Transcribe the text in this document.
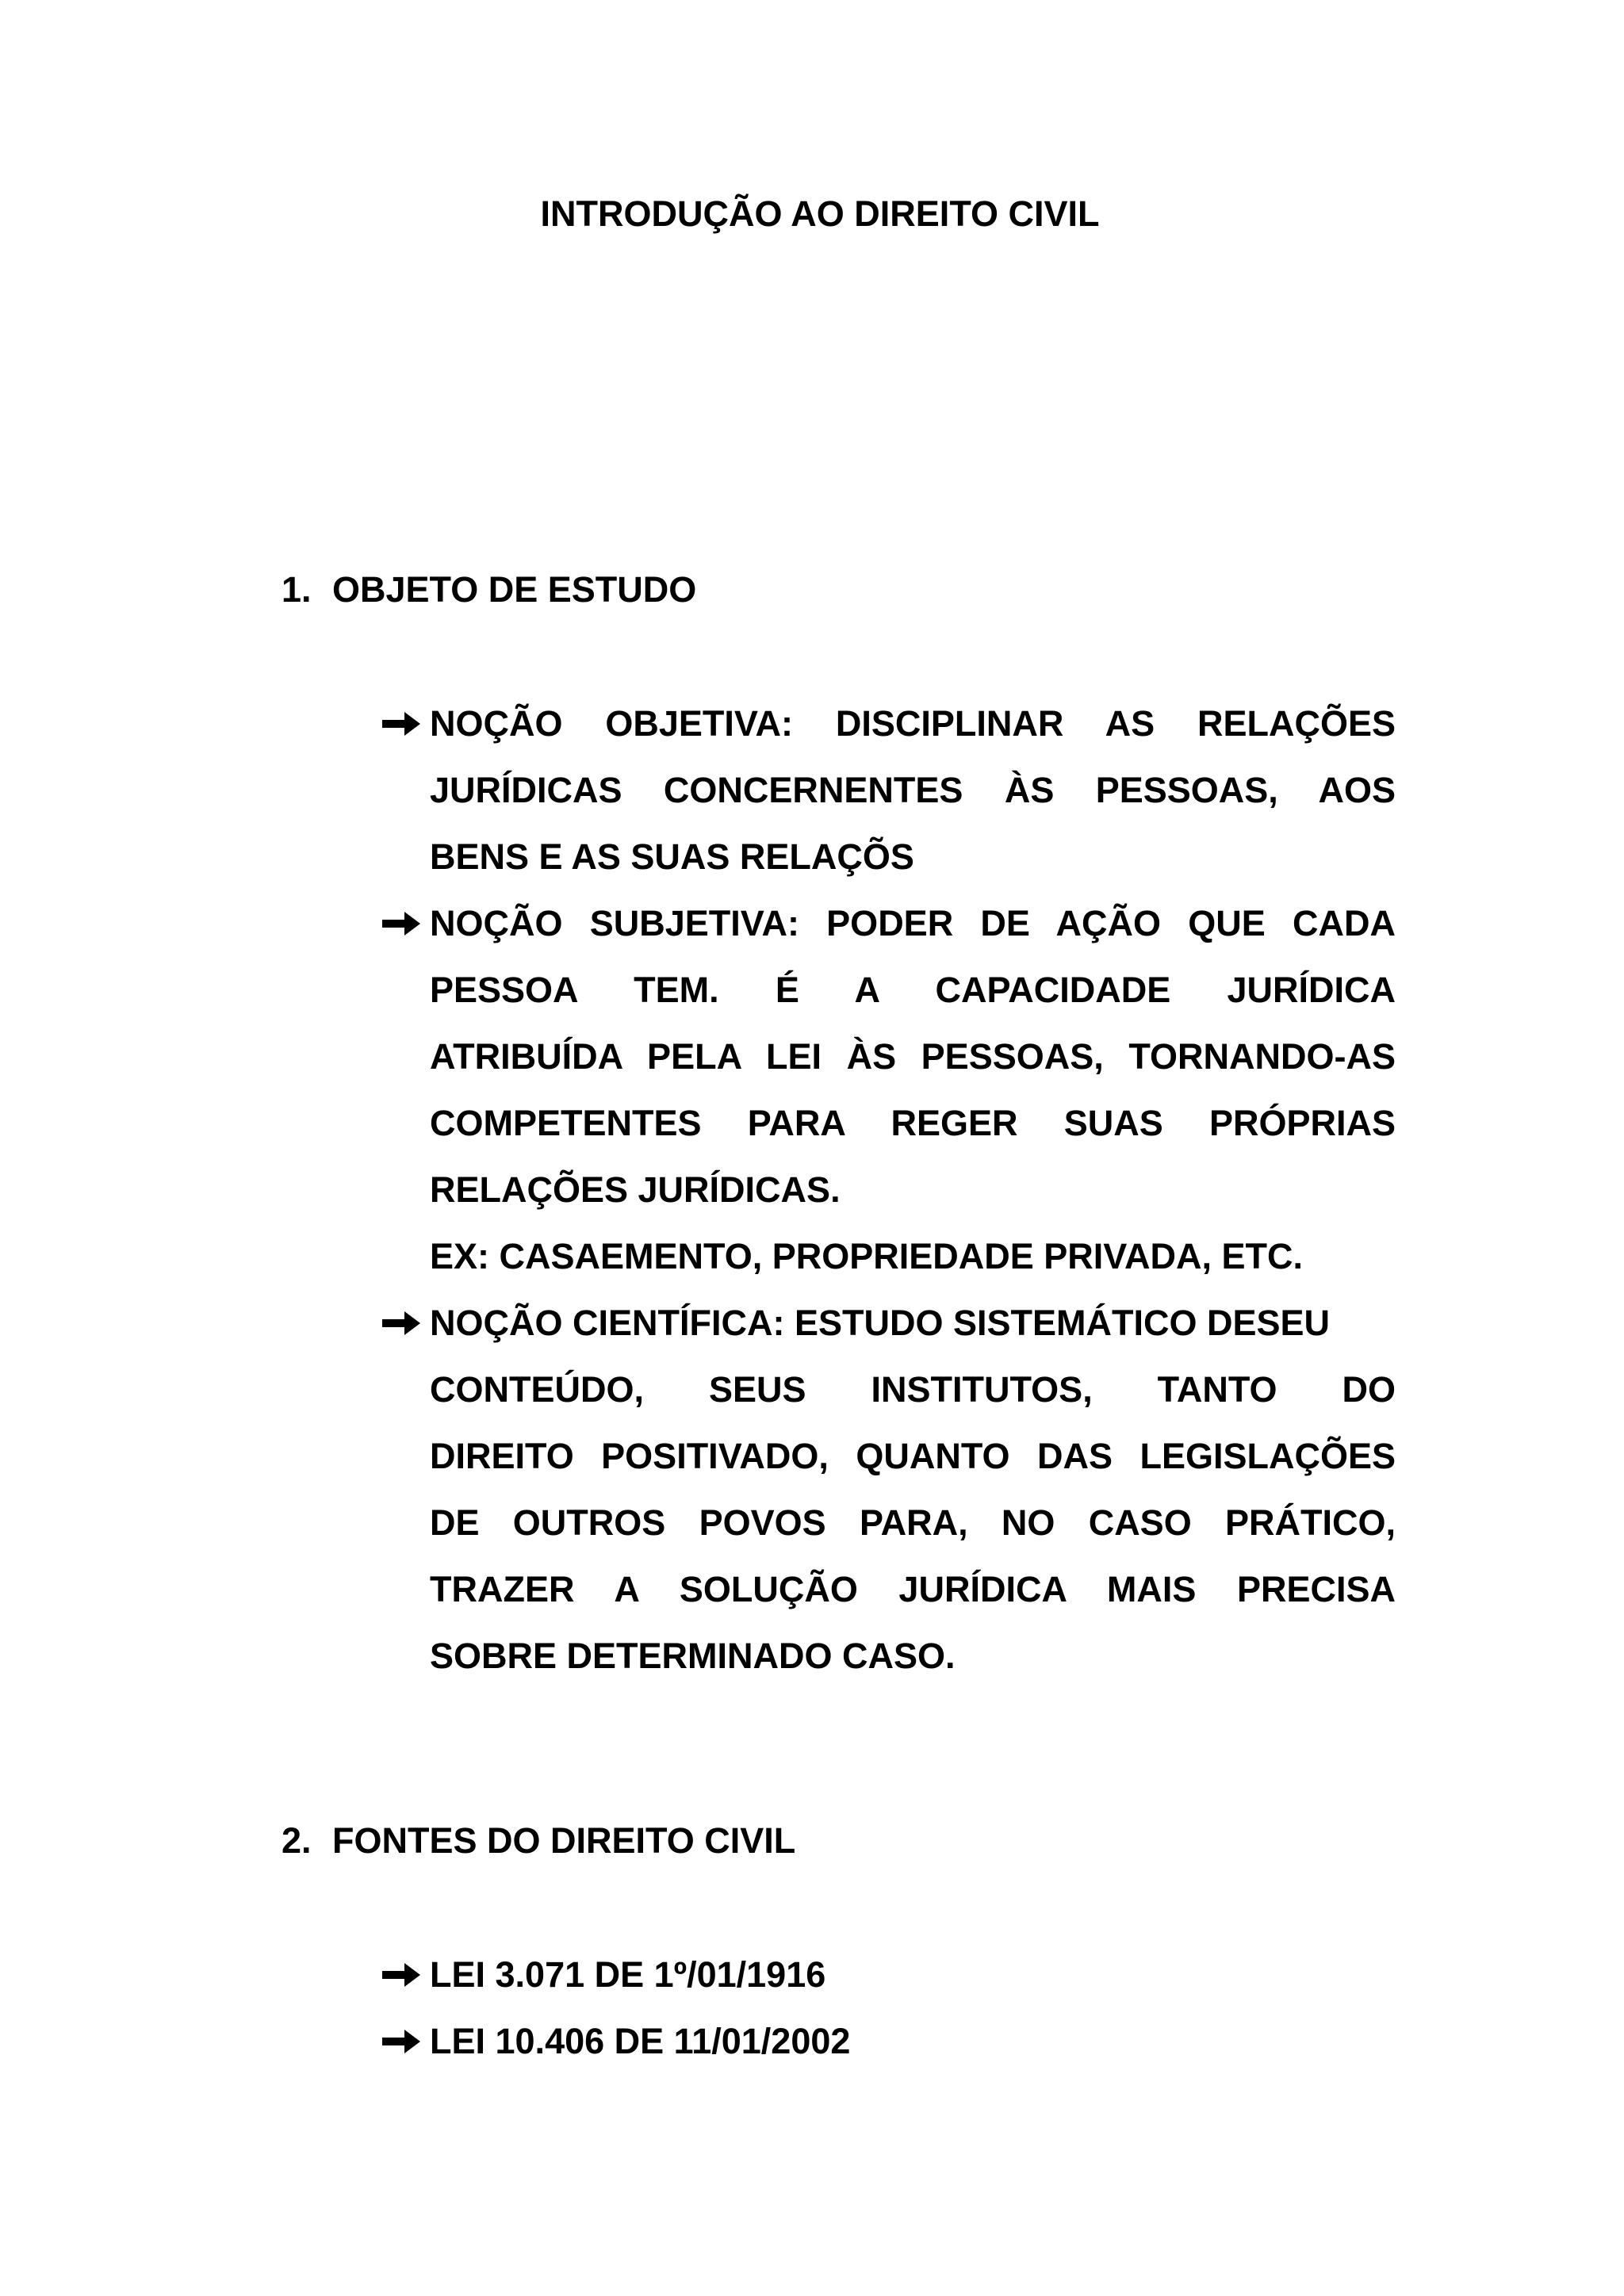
INTRODUÇÃO AO DIREITO CIVIL
1. OBJETO DE ESTUDO
NOÇÃO OBJETIVA: DISCIPLINAR AS RELAÇÕES
JURÍDICAS CONCERNENTES ÀS PESSOAS, AOS
BENS E AS SUAS RELAÇÕS
NOÇÃO SUBJETIVA: PODER DE AÇÃO QUE CADA
PESSOA TEM. É A CAPACIDADE JURÍDICA
ATRIBUÍDA PELA LEI ÀS PESSOAS, TORNANDO-AS
COMPETENTES PARA REGER SUAS PRÓPRIAS
RELAÇÕES JURÍDICAS.
EX: CASAEMENTO, PROPRIEDADE PRIVADA, ETC.
NOÇÃO CIENTÍFICA: ESTUDO SISTEMÁTICO DESEU
CONTEÚDO, SEUS INSTITUTOS, TANTO DO
DIREITO POSITIVADO, QUANTO DAS LEGISLAÇÕES
DE OUTROS POVOS PARA, NO CASO PRÁTICO,
TRAZER A SOLUÇÃO JURÍDICA MAIS PRECISA
SOBRE DETERMINADO CASO.
2. FONTES DO DIREITO CIVIL
LEI 3.071 DE 1º/01/1916
LEI 10.406 DE 11/01/2002
